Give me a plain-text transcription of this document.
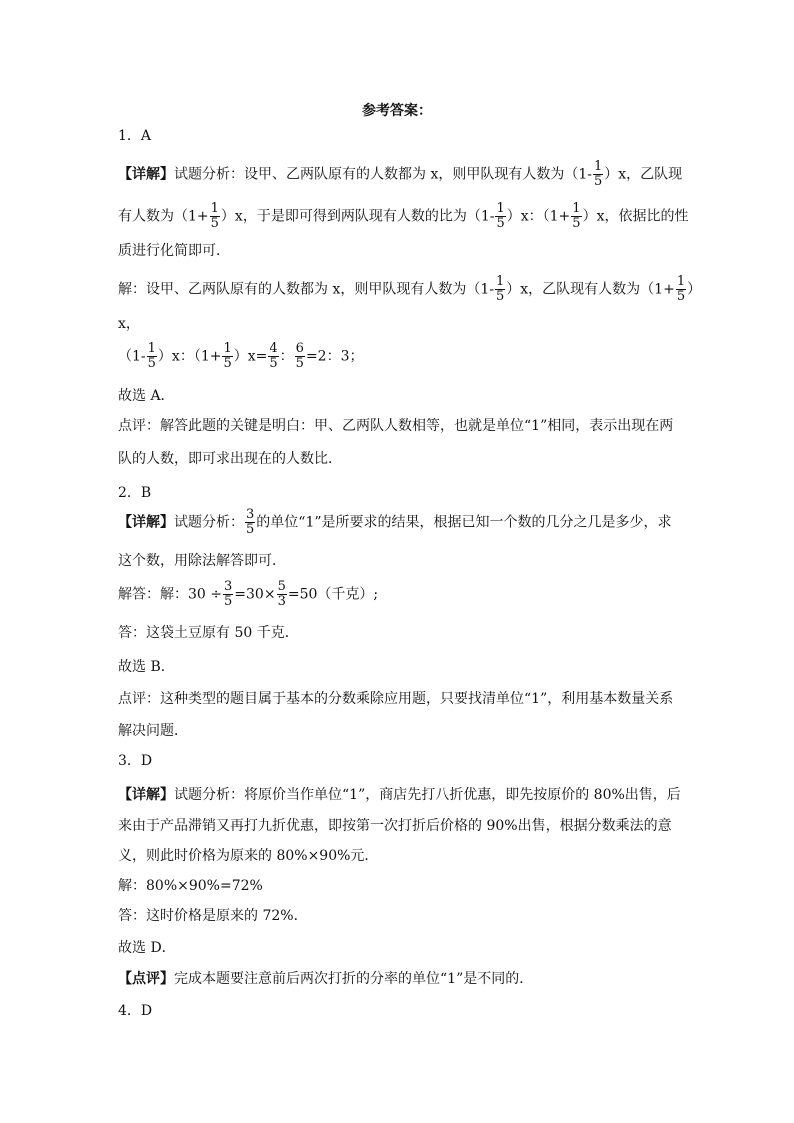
参考答案：
1．A
【详解】试题分析：设甲、乙两队原有的人数都为 x，则甲队现有人数为$(1- \frac{1}{5} )x$，乙队现
有人数为$(1+ \frac{1}{5} )x$，于是即可得到两队现有人数的比为$(1- \frac{1}{5} )x$：$(1+ \frac{1}{5} )x$，依据比的性
质进行化简即可．
解：设甲、乙两队原有的人数都为 x，则甲队现有人数为$(1- \frac{1}{5} )x$，乙队现有人数为（$1+ \frac{1}{5}$ ）
x，
$(1- \frac{1}{5} )x$：$(1+ \frac{1}{5} )x= \frac{4}{5}$ ： $\frac{6}{5} =2$：3；
故选 A．
点评：解答此题的关键是明白：甲、乙两队人数相等，也就是单位“1”相同，表示出现在两
队的人数，即可求出现在的人数比．
2．B
【详解】试题分析： $\frac{3}{5}$ 的单位“1”是所要求的结果，根据已知一个数的几分之几是多少，求
这个数，用除法解答即可．
解答：解：$30 \div \frac{3}{5} =30\times \frac{5}{3} =50$（千克）;
答：这袋土豆原有 50 千克．
故选 B．
点评：这种类型的题目属于基本的分数乘除应用题，只要找清单位“1”，利用基本数量关系
解决问题．
3．D
【详解】试题分析：将原价当作单位“1”，商店先打八折优惠，即先按原价的 80%出售，后
来由于产品滞销又再打九折优惠，即按第一次打折后价格的 90%出售，根据分数乘法的意
义，则此时价格为原来的 80%×90%元．
解：80%×90%=72%
答：这时价格是原来的 72%．
故选 D．
【点评】完成本题要注意前后两次打折的分率的单位“1”是不同的．
4．D
